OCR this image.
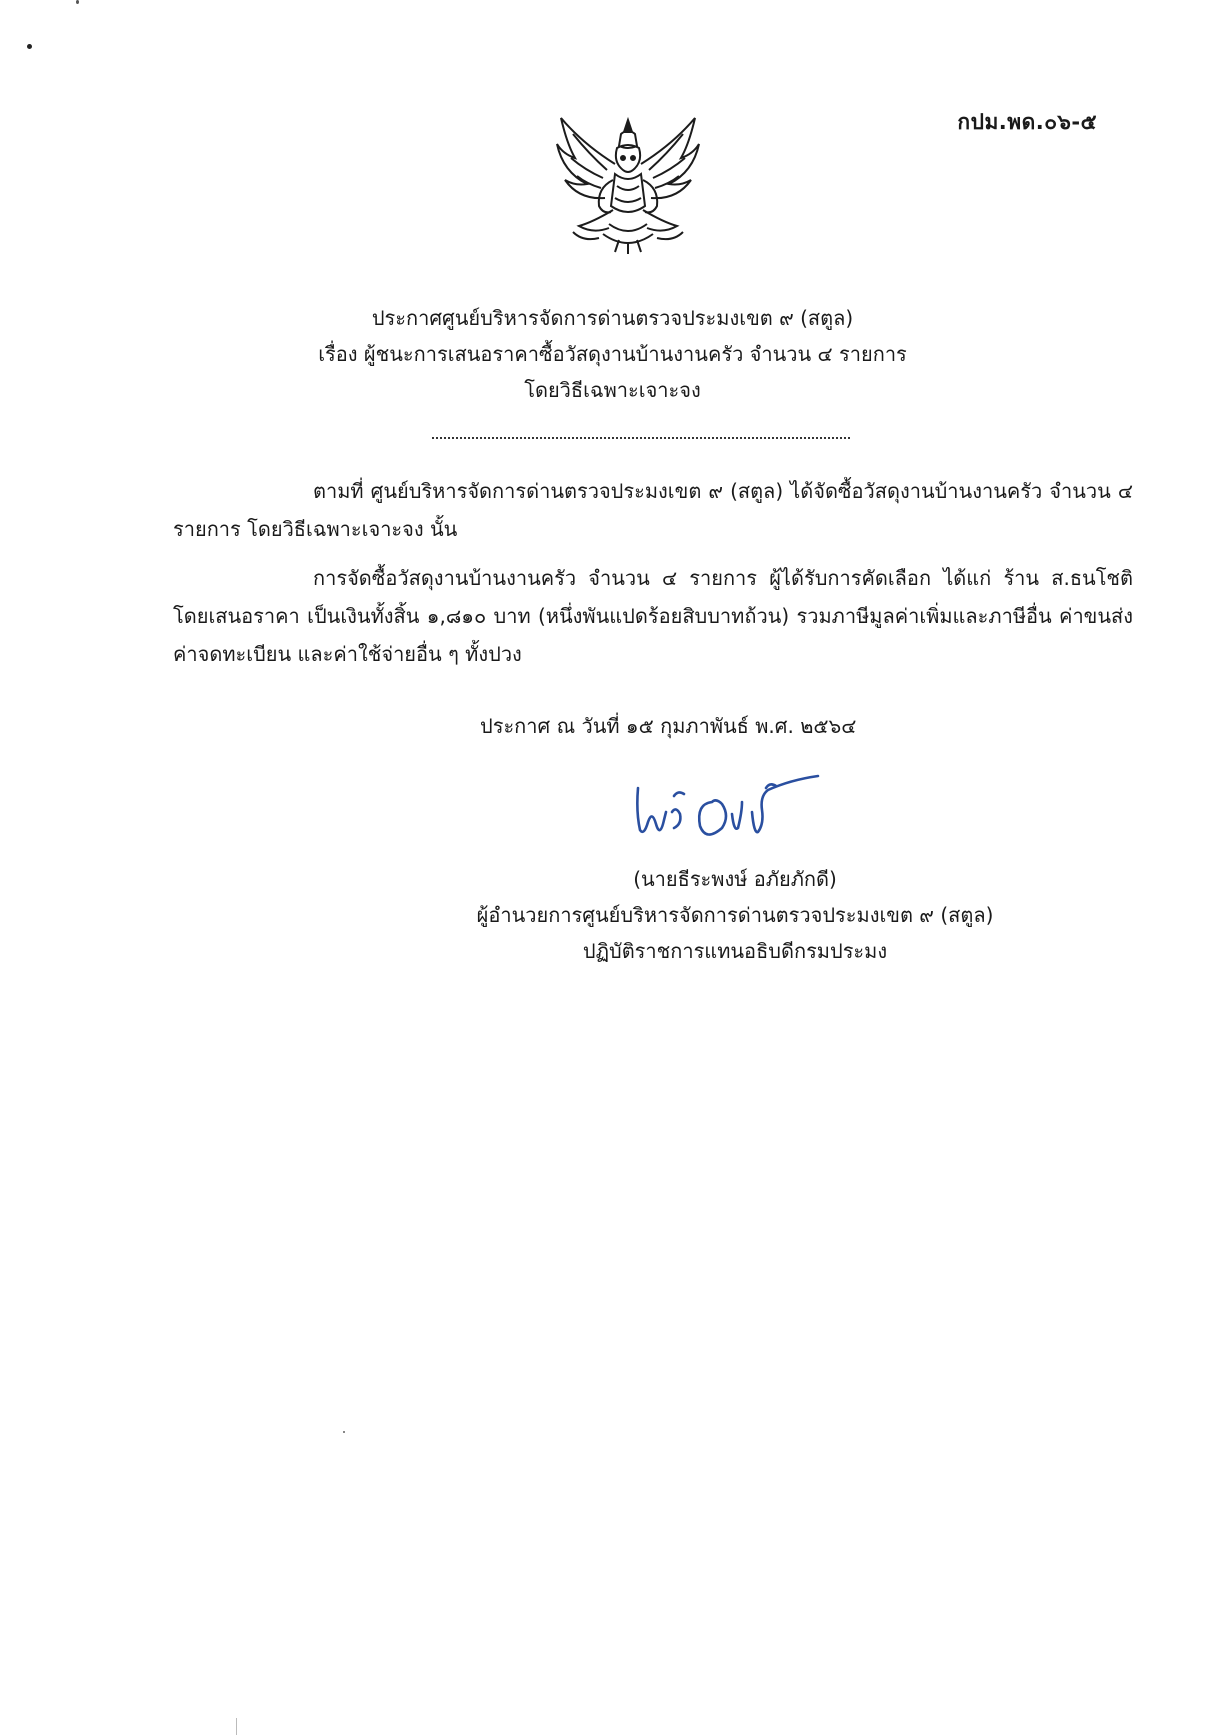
กปม.พด.๐๖-๕
ประกาศศูนย์บริหารจัดการด่านตรวจประมงเขต ๙ (สตูล)
เรื่อง ผู้ชนะการเสนอราคาซื้อวัสดุงานบ้านงานครัว จำนวน ๔ รายการ
โดยวิธีเฉพาะเจาะจง
ตามที่ ศูนย์บริหารจัดการด่านตรวจประมงเขต ๙ (สตูล) ได้จัดซื้อวัสดุงานบ้านงานครัว จำนวน ๔ รายการ โดยวิธีเฉพาะเจาะจง นั้น
การจัดซื้อวัสดุงานบ้านงานครัว จำนวน ๔ รายการ ผู้ได้รับการคัดเลือก ได้แก่ ร้าน ส.ธนโชติ โดยเสนอราคา เป็นเงินทั้งสิ้น ๑,๘๑๐ บาท (หนึ่งพันแปดร้อยสิบบาทถ้วน) รวมภาษีมูลค่าเพิ่มและภาษีอื่น ค่าขนส่ง ค่าจดทะเบียน และค่าใช้จ่ายอื่น ๆ ทั้งปวง
ประกาศ ณ วันที่ ๑๕ กุมภาพันธ์ พ.ศ. ๒๕๖๔
(นายธีระพงษ์ อภัยภักดี)
ผู้อำนวยการศูนย์บริหารจัดการด่านตรวจประมงเขต ๙ (สตูล)
ปฏิบัติราชการแทนอธิบดีกรมประมง
